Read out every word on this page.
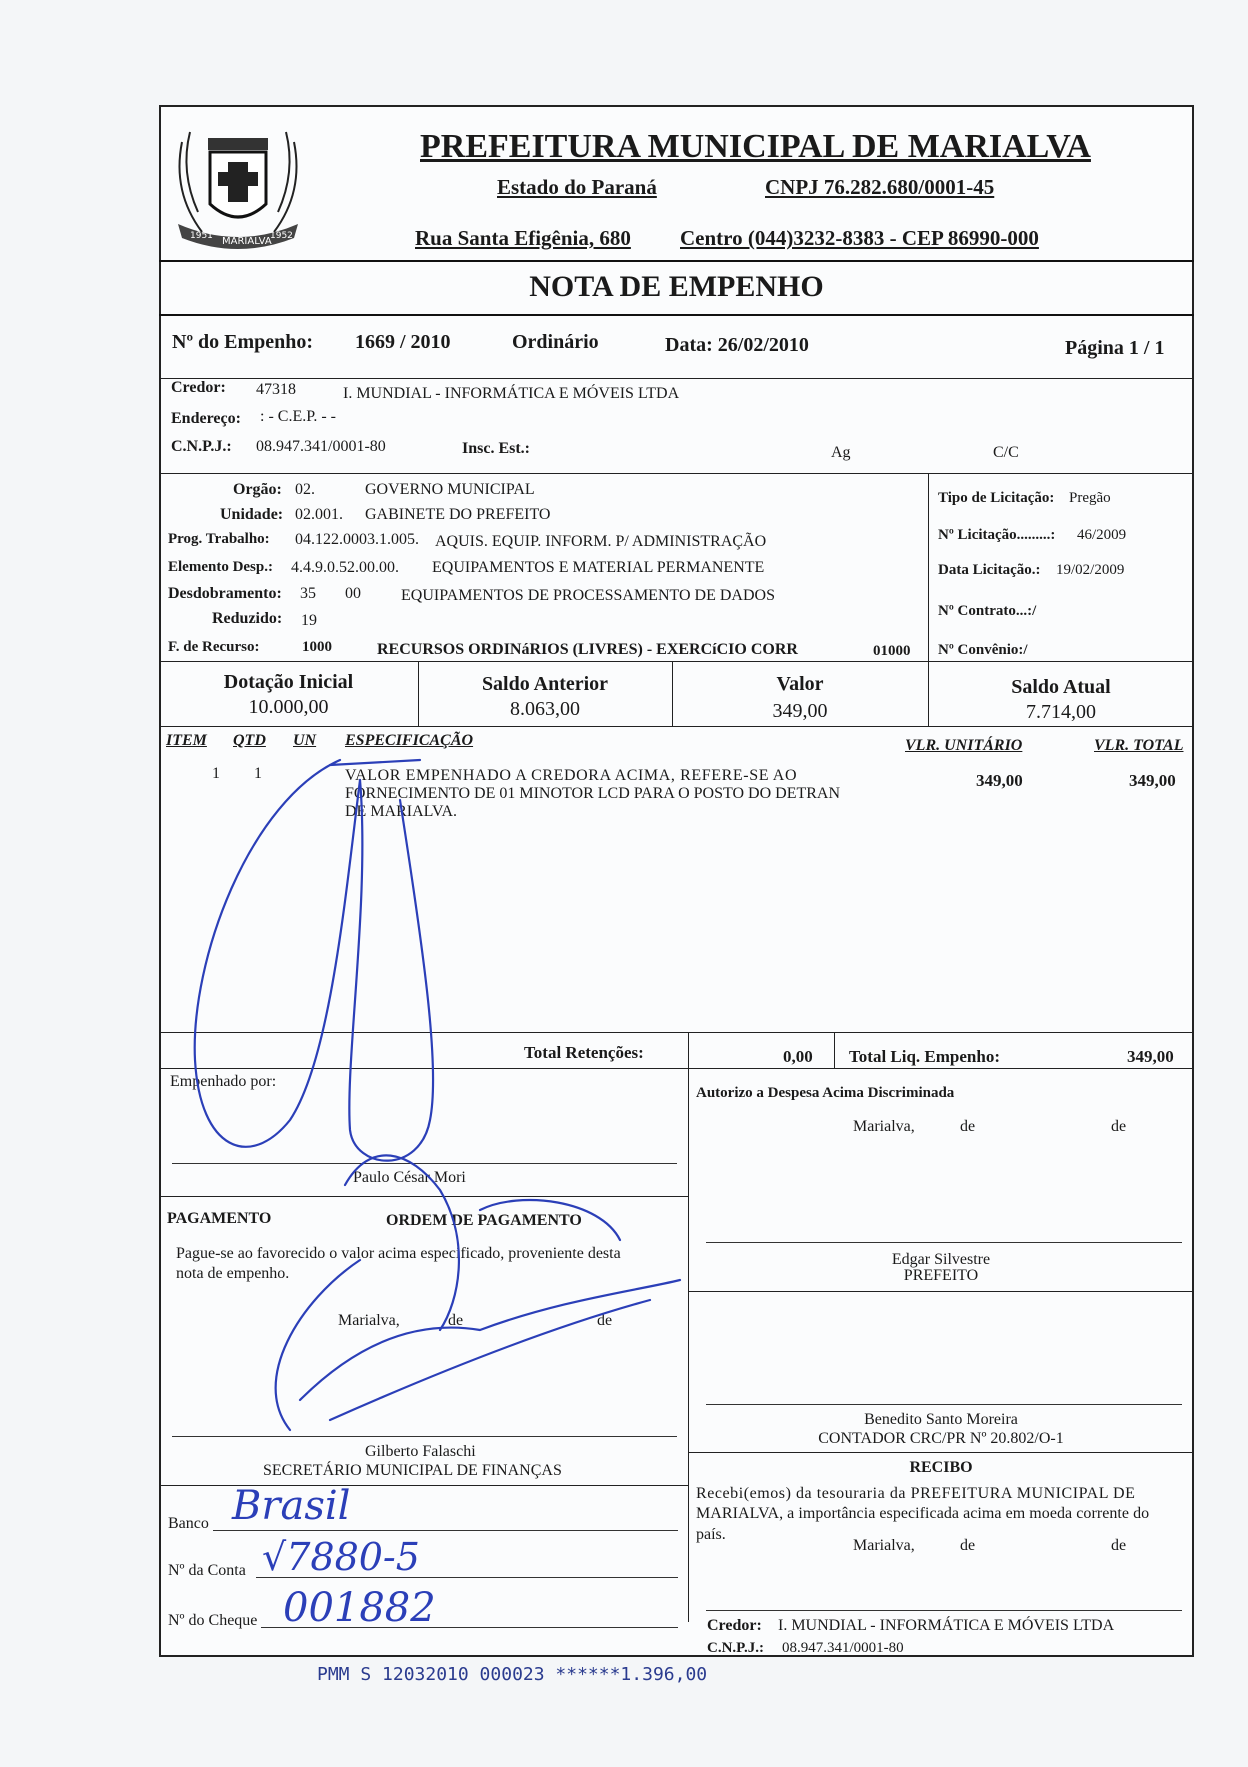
1951 MARIALVA
1952
PREFEITURA MUNICIPAL DE MARIALVA
Estado do Paraná	CNPJ 76.282.680/0001-45
Rua Santa Efigênia, 680 Centro (044)3232-8383 - CEP 86990-000
NOTA DE EMPENHO
Nº do Empenho: 1669 / 2010	Ordinário	Data: 26/02/2010	Página 1 / 1
Credor: 47318	I. MUNDIAL - INFORMÁTICA E MÓVEIS LTDA
Endereço: : - C.E.P. - -
C.N.P.J.: 08.947.341/0001-80	Insc. Est.:	Ag	C/C
Orgão: 02.	GOVERNO MUNICIPAL
Unidade: 02.001. GABINETE DO PREFEITO
Prog. Trabalho: 04.122.0003.1.005. AQUIS. EQUIP. INFORM. P/ ADMINISTRAÇÃO
Elemento Desp.: 4.4.9.0.52.00.00. EQUIPAMENTOS E MATERIAL PERMANENTE
Desdobramento: 35 00	EQUIPAMENTOS DE PROCESSAMENTO DE DADOS
Reduzido: 19
F. de Recurso:	1000	RECURSOS ORDINáRIOS (LIVRES) - EXERCíCIO CORR	01000
Tipo de Licitação: Pregão
Nº Licitação.........: 46/2009
Data Licitação.: 19/02/2009
Nº Contrato...:/
Nº Convênio:/
Dotação Inicial
10.000,00
Saldo Anterior
8.063,00
Valor
349,00
Saldo Atual
7.714,00
ITEM QTD UN ESPECIFICAÇÃO	VLR. UNITÁRIO	VLR. TOTAL
1 1	VALOR EMPENHADO A CREDORA ACIMA, REFERE-SE AO
FORNECIMENTO DE 01 MINOTOR LCD PARA O POSTO DO DETRAN
DE MARIALVA.
349,00	349,00
Total Retenções:	0,00 Total Liq. Empenho:	349,00
Empenhado por:
Paulo César Mori
PAGAMENTO	ORDEM DE PAGAMENTO
Pague-se ao favorecido o valor acima especificado, proveniente desta
nota de empenho.
Marialva,	de	de
Gilberto Falaschi
SECRETÁRIO MUNICIPAL DE FINANÇAS
Banco Brasil
Nº da Conta √7880-5
Nº do Cheque 001882
Autorizo a Despesa Acima Discriminada
Marialva,	de	de
Edgar Silvestre
PREFEITO
Benedito Santo Moreira
CONTADOR CRC/PR Nº 20.802/O-1
RECIBO
Recebi(emos) da tesouraria da PREFEITURA MUNICIPAL DE
MARIALVA, a importância especificada acima em moeda corrente do
país.
Marialva,	de	de
Credor: I. MUNDIAL - INFORMÁTICA E MÓVEIS LTDA
C.N.P.J.: 08.947.341/0001-80
PMM S 12032010 000023 ******1.396,00
